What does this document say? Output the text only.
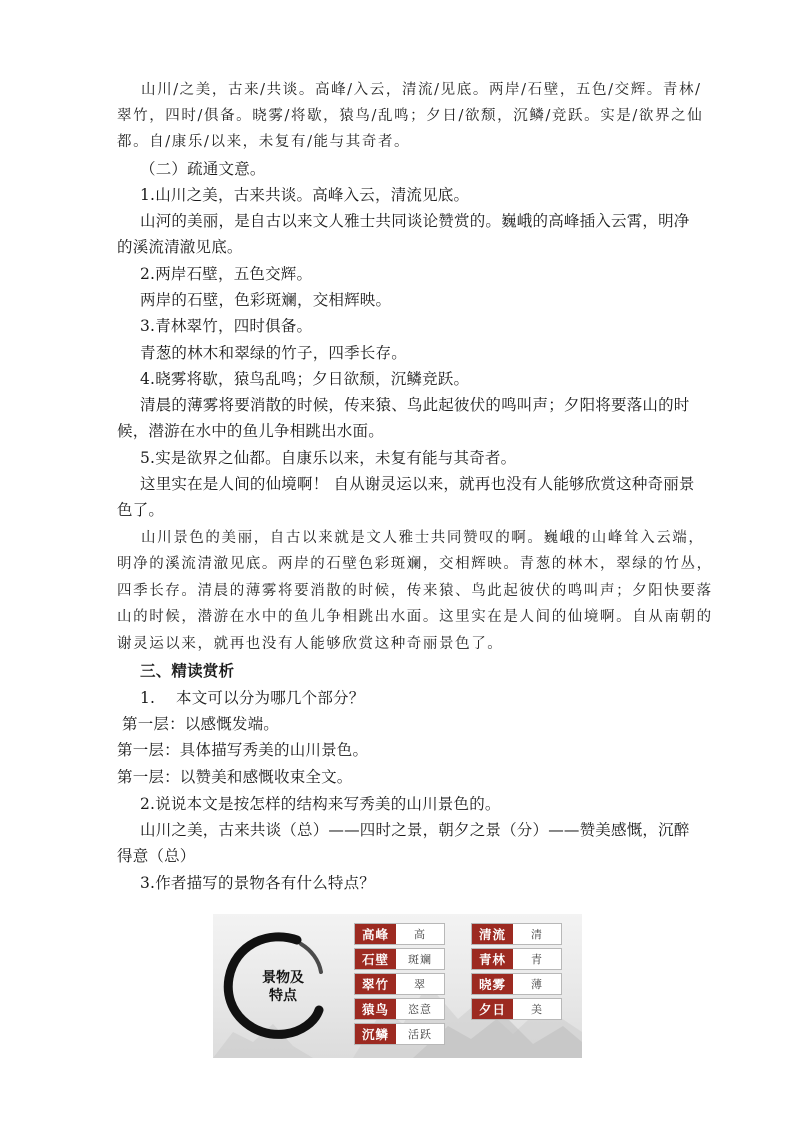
山川/之美，古来/共谈。高峰/入云，清流/见底。两岸/石壁，五色/交辉。青林/
翠竹，四时/俱备。晓雾/将歇，猿鸟/乱鸣；夕日/欲颓，沉鳞/竞跃。实是/欲界之仙
都。自/康乐/以来，未复有/能与其奇者。
（二）疏通文意。
1.山川之美，古来共谈。高峰入云，清流见底。
山河的美丽，是自古以来文人雅士共同谈论赞赏的。巍峨的高峰插入云霄，明净
的溪流清澈见底。
2.两岸石壁，五色交辉。
两岸的石壁，色彩斑斓，交相辉映。
3.青林翠竹，四时俱备。
青葱的林木和翠绿的竹子，四季长存。
4.晓雾将歇，猿鸟乱鸣；夕日欲颓，沉鳞竞跃。
清晨的薄雾将要消散的时候，传来猿、鸟此起彼伏的鸣叫声；夕阳将要落山的时
候，潜游在水中的鱼儿争相跳出水面。
5.实是欲界之仙都。自康乐以来，未复有能与其奇者。
这里实在是人间的仙境啊！ 自从谢灵运以来，就再也没有人能够欣赏这种奇丽景
色了。
山川景色的美丽，自古以来就是文人雅士共同赞叹的啊。巍峨的山峰耸入云端，
明净的溪流清澈见底。两岸的石壁色彩斑斓，交相辉映。青葱的林木，翠绿的竹丛，
四季长存。清晨的薄雾将要消散的时候，传来猿、鸟此起彼伏的鸣叫声；夕阳快要落
山的时候，潜游在水中的鱼儿争相跳出水面。这里实在是人间的仙境啊。自从南朝的
谢灵运以来，就再也没有人能够欣赏这种奇丽景色了。
三、精读赏析
1.　 本文可以分为哪几个部分？
第一层：以感慨发端。
第一层：具体描写秀美的山川景色。
第一层：以赞美和感慨收束全文。
2.说说本文是按怎样的结构来写秀美的山川景色的。
山川之美，古来共谈（总）——四时之景，朝夕之景（分）——赞美感慨，沉醉
得意（总）
3.作者描写的景物各有什么特点？
景物及
特点
高峰	高
石壁	斑斓
翠竹	翠
猿鸟	恣意
沉鳞	活跃
清流	清
青林	青
晓雾	薄
夕日	美
